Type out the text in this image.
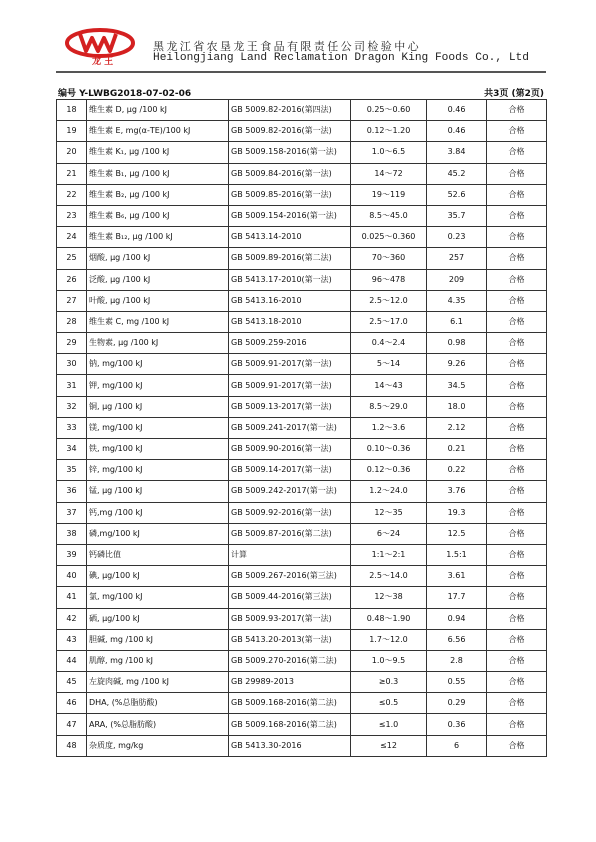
龙 王
黑龙江省农垦龙王食品有限责任公司检验中心
Heilongjiang Land Reclamation Dragon King Foods Co., Ltd
编号 Y-LWBG2018-07-02-06	共3页 (第2页)
18	维生素 D, μg /100 kJ	GB 5009.82-2016(第四法)	0.25～0.60	0.46	合格
19	维生素 E, mg(α-TE)/100 kJ	GB 5009.82-2016(第一法)	0.12～1.20	0.46	合格
20	维生素 K₁, μg /100 kJ	GB 5009.158-2016(第一法)	1.0～6.5	3.84	合格
21	维生素 B₁, μg /100 kJ	GB 5009.84-2016(第一法)	14～72	45.2	合格
22	维生素 B₂, μg /100 kJ	GB 5009.85-2016(第一法)	19～119	52.6	合格
23	维生素 B₆, μg /100 kJ	GB 5009.154-2016(第一法)	8.5～45.0	35.7	合格
24	维生素 B₁₂, μg /100 kJ	GB 5413.14-2010	0.025～0.360	0.23	合格
25	烟酸, μg /100 kJ	GB 5009.89-2016(第二法)	70～360	257	合格
26	泛酸, μg /100 kJ	GB 5413.17-2010(第一法)	96～478	209	合格
27	叶酸, μg /100 kJ	GB 5413.16-2010	2.5～12.0	4.35	合格
28	维生素 C, mg /100 kJ	GB 5413.18-2010	2.5～17.0	6.1	合格
29	生物素, μg /100 kJ	GB 5009.259-2016	0.4～2.4	0.98	合格
30	钠, mg/100 kJ	GB 5009.91-2017(第一法)	5～14	9.26	合格
31	钾, mg/100 kJ	GB 5009.91-2017(第一法)	14～43	34.5	合格
32	铜, μg /100 kJ	GB 5009.13-2017(第一法)	8.5～29.0	18.0	合格
33	镁, mg/100 kJ	GB 5009.241-2017(第一法)	1.2～3.6	2.12	合格
34	铁, mg/100 kJ	GB 5009.90-2016(第一法)	0.10～0.36	0.21	合格
35	锌, mg/100 kJ	GB 5009.14-2017(第一法)	0.12～0.36	0.22	合格
36	锰, μg /100 kJ	GB 5009.242-2017(第一法)	1.2～24.0	3.76	合格
37	钙,mg /100 kJ	GB 5009.92-2016(第一法)	12～35	19.3	合格
38	磷,mg/100 kJ	GB 5009.87-2016(第二法)	6～24	12.5	合格
39	钙磷比值	计算	1:1～2:1	1.5:1	合格
40	碘, μg/100 kJ	GB 5009.267-2016(第三法)	2.5～14.0	3.61	合格
41	氯, mg/100 kJ	GB 5009.44-2016(第三法)	12～38	17.7	合格
42	硒, μg/100 kJ	GB 5009.93-2017(第一法)	0.48～1.90	0.94	合格
43	胆碱, mg /100 kJ	GB 5413.20-2013(第一法)	1.7～12.0	6.56	合格
44	肌醇, mg /100 kJ	GB 5009.270-2016(第二法)	1.0～9.5	2.8	合格
45	左旋肉碱, mg /100 kJ	GB 29989-2013	≥0.3	0.55	合格
46	DHA, (%总脂肪酸)	GB 5009.168-2016(第二法)	≤0.5	0.29	合格
47	ARA, (%总脂肪酸)	GB 5009.168-2016(第二法)	≤1.0	0.36	合格
48	杂质度, mg/kg	GB 5413.30-2016	≤12	6	合格
